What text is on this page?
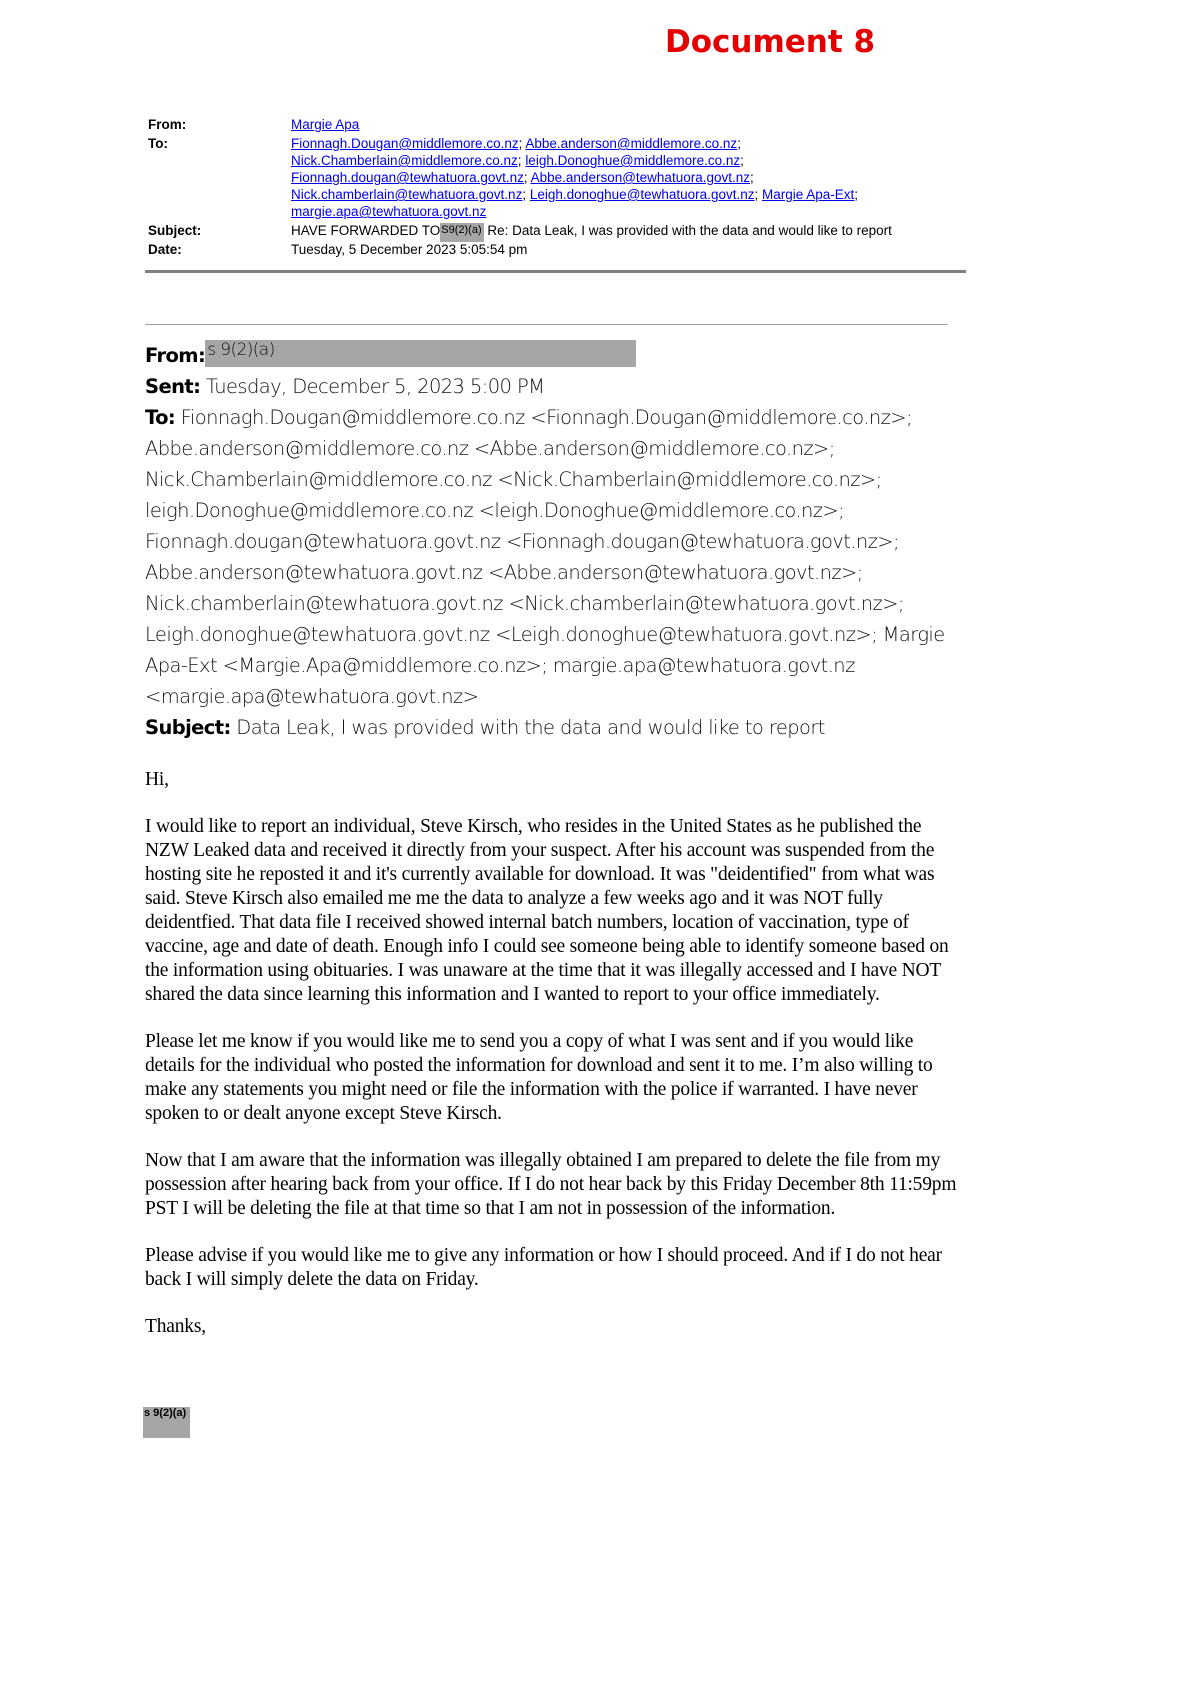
Document 8
From:	Margie Apa
To:	Fionnagh.Dougan@middlemore.co.nz; Abbe.anderson@middlemore.co.nz;
Nick.Chamberlain@middlemore.co.nz; leigh.Donoghue@middlemore.co.nz;
Fionnagh.dougan@tewhatuora.govt.nz; Abbe.anderson@tewhatuora.govt.nz;
Nick.chamberlain@tewhatuora.govt.nz; Leigh.donoghue@tewhatuora.govt.nz; Margie Apa-Ext;
margie.apa@tewhatuora.govt.nz
Subject:	HAVE FORWARDED $TO^{S9(2)(a)}$ Re: Data Leak, I was provided with the data and would like to report
Date:	Tuesday, 5 December 2023 5:05:54 pm
From: s 9(2)(a)
Sent: Tuesday, December 5, 2023 5:00 PM
To: Fionnagh.Dougan@middlemore.co.nz <Fionnagh.Dougan@middlemore.co.nz>; Abbe.anderson@middlemore.co.nz <Abbe.anderson@middlemore.co.nz>; Nick.Chamberlain@middlemore.co.nz <Nick.Chamberlain@middlemore.co.nz>; leigh.Donoghue@middlemore.co.nz <leigh.Donoghue@middlemore.co.nz>; Fionnagh.dougan@tewhatuora.govt.nz <Fionnagh.dougan@tewhatuora.govt.nz>; Abbe.anderson@tewhatuora.govt.nz <Abbe.anderson@tewhatuora.govt.nz>; Nick.chamberlain@tewhatuora.govt.nz <Nick.chamberlain@tewhatuora.govt.nz>; Leigh.donoghue@tewhatuora.govt.nz <Leigh.donoghue@tewhatuora.govt.nz>; Margie Apa-Ext <Margie.Apa@middlemore.co.nz>; margie.apa@tewhatuora.govt.nz <margie.apa@tewhatuora.govt.nz>
Subject: Data Leak, I was provided with the data and would like to report

Hi,

I would like to report an individual, Steve Kirsch, who resides in the United States as he published the NZW Leaked data and received it directly from your suspect. After his account was suspended from the hosting site he reposted it and it's currently available for download. It was "deidentified" from what was said. Steve Kirsch also emailed me me the data to analyze a few weeks ago and it was NOT fully deidentfied. That data file I received showed internal batch numbers, location of vaccination, type of vaccine, age and date of death. Enough info I could see someone being able to identify someone based on the information using obituaries. I was unaware at the time that it was illegally accessed and I have NOT shared the data since learning this information and I wanted to report to your office immediately.

Please let me know if you would like me to send you a copy of what I was sent and if you would like details for the individual who posted the information for download and sent it to me. I’m also willing to make any statements you might need or file the information with the police if warranted. I have never spoken to or dealt anyone except Steve Kirsch.

Now that I am aware that the information was illegally obtained I am prepared to delete the file from my possession after hearing back from your office. If I do not hear back by this Friday December 8th 11:59pm PST I will be deleting the file at that time so that I am not in possession of the information.

Please advise if you would like me to give any information or how I should proceed. And if I do not hear back I will simply delete the data on Friday.

Thanks,

s 9(2)(a)
